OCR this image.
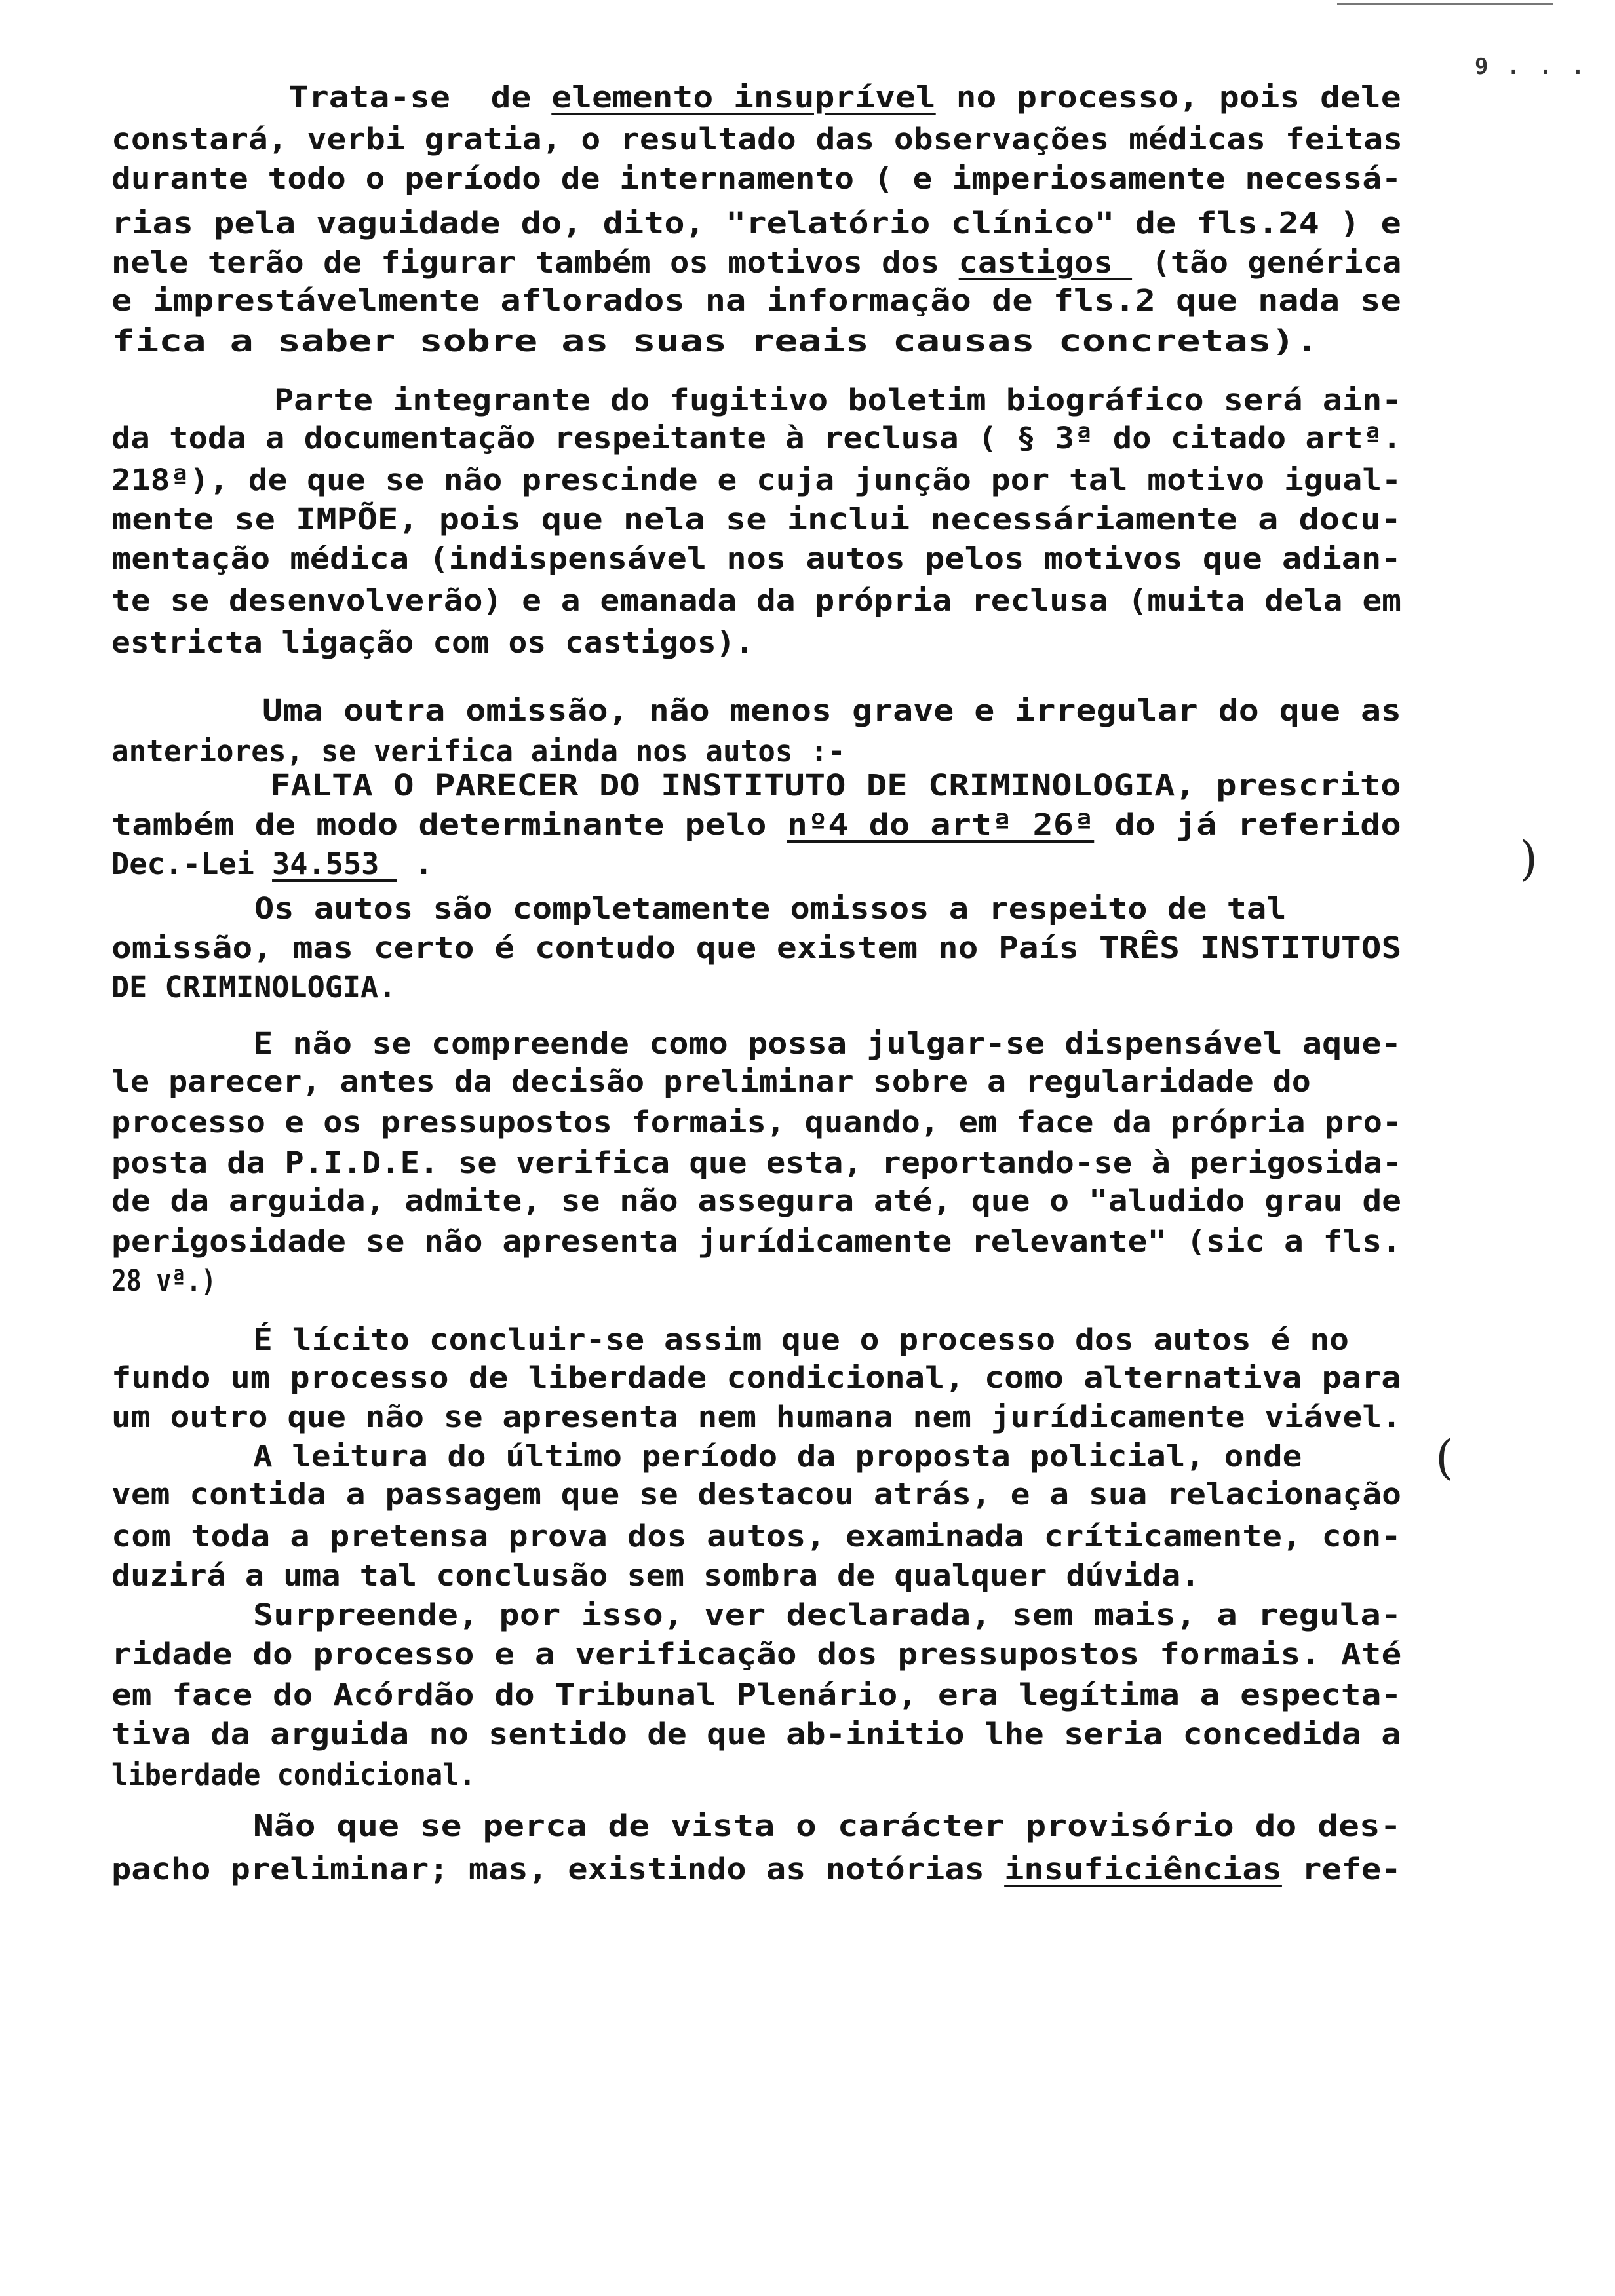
9 . . .
)
(
Trata-se  de elemento insuprível no processo, pois dele
constará, verbi gratia, o resultado das observações médicas feitas
durante todo o período de internamento ( e imperiosamente necessá-
rias pela vaguidade do, dito, "relatório clínico" de fls.24 ) e
nele terão de figurar também os motivos dos castigos  (tão genérica
e imprestávelmente aflorados na informação de fls.2 que nada se
fica a saber sobre as suas reais causas concretas).
Parte integrante do fugitivo boletim biográfico será ain-
da toda a documentação respeitante à reclusa ( § 3ª do citado artª.
218ª), de que se não prescinde e cuja junção por tal motivo igual-
mente se IMPÕE, pois que nela se inclui necessáriamente a docu-
mentação médica (indispensável nos autos pelos motivos que adian-
te se desenvolverão) e a emanada da própria reclusa (muita dela em
estricta ligação com os castigos).
Uma outra omissão, não menos grave e irregular do que as
anteriores, se verifica ainda nos autos :-
FALTA O PARECER DO INSTITUTO DE CRIMINOLOGIA, prescrito
também de modo determinante pelo nº4 do artª 26ª do já referido
Dec.-Lei 34.553  .
Os autos são completamente omissos a respeito de tal
omissão, mas certo é contudo que existem no País TRÊS INSTITUTOS
DE CRIMINOLOGIA.
E não se compreende como possa julgar-se dispensável aque-
le parecer, antes da decisão preliminar sobre a regularidade do
processo e os pressupostos formais, quando, em face da própria pro-
posta da P.I.D.E. se verifica que esta, reportando-se à perigosida-
de da arguida, admite, se não assegura até, que o "aludido grau de
perigosidade se não apresenta jurídicamente relevante" (sic a fls.
28 vª.)
É lícito concluir-se assim que o processo dos autos é no
fundo um processo de liberdade condicional, como alternativa para
um outro que não se apresenta nem humana nem jurídicamente viável.
A leitura do último período da proposta policial, onde
vem contida a passagem que se destacou atrás, e a sua relacionação
com toda a pretensa prova dos autos, examinada críticamente, con-
duzirá a uma tal conclusão sem sombra de qualquer dúvida.
Surpreende, por isso, ver declarada, sem mais, a regula-
ridade do processo e a verificação dos pressupostos formais. Até
em face do Acórdão do Tribunal Plenário, era legítima a espectа-
tiva da arguida no sentido de que ab-initio lhe seria concedida a
liberdade condicional.
Não que se perca de vista o carácter provisório do des-
pacho preliminar; mas, existindo as notórias insuficiências refe-
